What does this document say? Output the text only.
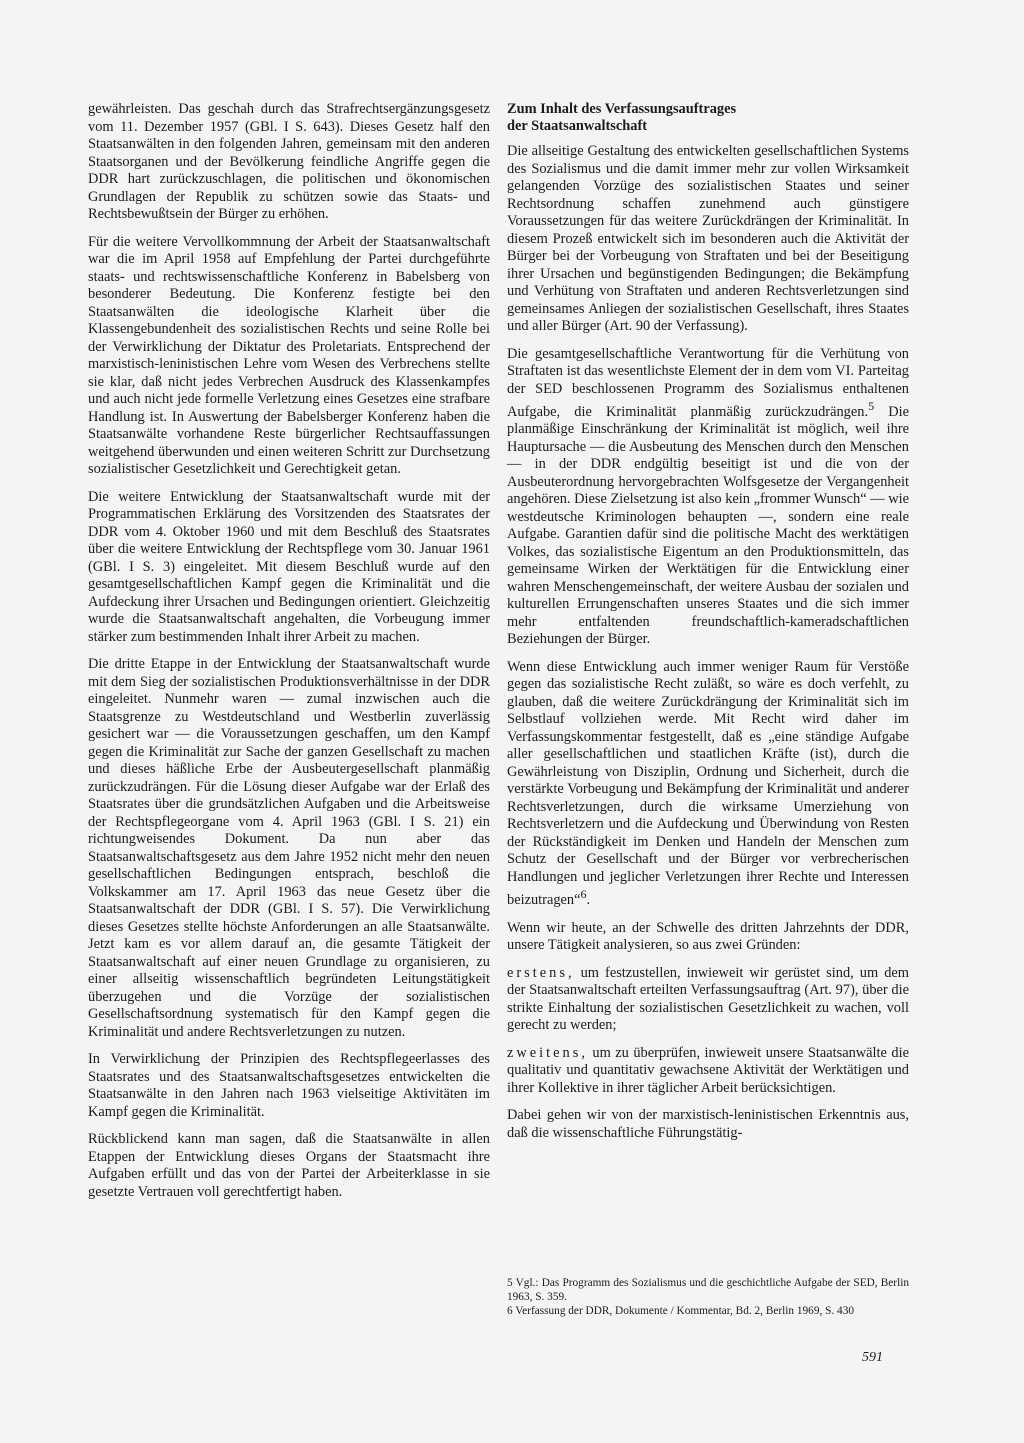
gewährleisten. Das geschah durch das Strafrechtsergänzungsgesetz vom 11. Dezember 1957 (GBl. I S. 643). Dieses Gesetz half den Staatsanwälten in den folgenden Jahren, gemeinsam mit den anderen Staatsorganen und der Bevölkerung feindliche Angriffe gegen die DDR hart zurückzuschlagen, die politischen und ökonomischen Grundlagen der Republik zu schützen sowie das Staats- und Rechtsbewußtsein der Bürger zu erhöhen.

Für die weitere Vervollkommnung der Arbeit der Staatsanwaltschaft war die im April 1958 auf Empfehlung der Partei durchgeführte staats- und rechtswissenschaftliche Konferenz in Babelsberg von besonderer Bedeutung. Die Konferenz festigte bei den Staatsanwälten die ideologische Klarheit über die Klassengebundenheit des sozialistischen Rechts und seine Rolle bei der Verwirklichung der Diktatur des Proletariats. Entsprechend der marxistisch-leninistischen Lehre vom Wesen des Verbrechens stellte sie klar, daß nicht jedes Verbrechen Ausdruck des Klassenkampfes und auch nicht jede formelle Verletzung eines Gesetzes eine strafbare Handlung ist. In Auswertung der Babelsberger Konferenz haben die Staatsanwälte vorhandene Reste bürgerlicher Rechtsauffassungen weitgehend überwunden und einen weiteren Schritt zur Durchsetzung sozialistischer Gesetzlichkeit und Gerechtigkeit getan.

Die weitere Entwicklung der Staatsanwaltschaft wurde mit der Programmatischen Erklärung des Vorsitzenden des Staatsrates der DDR vom 4. Oktober 1960 und mit dem Beschluß des Staatsrates über die weitere Entwicklung der Rechtspflege vom 30. Januar 1961 (GBl. I S. 3) eingeleitet. Mit diesem Beschluß wurde auf den gesamtgesellschaftlichen Kampf gegen die Kriminalität und die Aufdeckung ihrer Ursachen und Bedingungen orientiert. Gleichzeitig wurde die Staatsanwaltschaft angehalten, die Vorbeugung immer stärker zum bestimmenden Inhalt ihrer Arbeit zu machen.

Die dritte Etappe in der Entwicklung der Staatsanwaltschaft wurde mit dem Sieg der sozialistischen Produktionsverhältnisse in der DDR eingeleitet. Nunmehr waren — zumal inzwischen auch die Staatsgrenze zu Westdeutschland und Westberlin zuverlässig gesichert war — die Voraussetzungen geschaffen, um den Kampf gegen die Kriminalität zur Sache der ganzen Gesellschaft zu machen und dieses häßliche Erbe der Ausbeutergesellschaft planmäßig zurückzudrängen. Für die Lösung dieser Aufgabe war der Erlaß des Staatsrates über die grundsätzlichen Aufgaben und die Arbeitsweise der Rechtspflegeorgane vom 4. April 1963 (GBl. I S. 21) ein richtungweisendes Dokument. Da nun aber das Staatsanwaltschaftsgesetz aus dem Jahre 1952 nicht mehr den neuen gesellschaftlichen Bedingungen entsprach, beschloß die Volkskammer am 17. April 1963 das neue Gesetz über die Staatsanwaltschaft der DDR (GBl. I S. 57). Die Verwirklichung dieses Gesetzes stellte höchste Anforderungen an alle Staatsanwälte. Jetzt kam es vor allem darauf an, die gesamte Tätigkeit der Staatsanwaltschaft auf einer neuen Grundlage zu organisieren, zu einer allseitig wissenschaftlich begründeten Leitungstätigkeit überzugehen und die Vorzüge der sozialistischen Gesellschaftsordnung systematisch für den Kampf gegen die Kriminalität und andere Rechtsverletzungen zu nutzen.

In Verwirklichung der Prinzipien des Rechtspflegeerlasses des Staatsrates und des Staatsanwaltschaftsgesetzes entwickelten die Staatsanwälte in den Jahren nach 1963 vielseitige Aktivitäten im Kampf gegen die Kriminalität.

Rückblickend kann man sagen, daß die Staatsanwälte in allen Etappen der Entwicklung dieses Organs der Staatsmacht ihre Aufgaben erfüllt und das von der Partei der Arbeiterklasse in sie gesetzte Vertrauen voll gerechtfertigt haben.

Zum Inhalt des Verfassungsauftrages
der Staatsanwaltschaft

Die allseitige Gestaltung des entwickelten gesellschaftlichen Systems des Sozialismus und die damit immer mehr zur vollen Wirksamkeit gelangenden Vorzüge des sozialistischen Staates und seiner Rechtsordnung schaffen zunehmend auch günstigere Voraussetzungen für das weitere Zurückdrängen der Kriminalität. In diesem Prozeß entwickelt sich im besonderen auch die Aktivität der Bürger bei der Vorbeugung von Straftaten und bei der Beseitigung ihrer Ursachen und begünstigenden Bedingungen; die Bekämpfung und Verhütung von Straftaten und anderen Rechtsverletzungen sind gemeinsames Anliegen der sozialistischen Gesellschaft, ihres Staates und aller Bürger (Art. 90 der Verfassung).

Die gesamtgesellschaftliche Verantwortung für die Verhütung von Straftaten ist das wesentlichste Element der in dem vom VI. Parteitag der SED beschlossenen Programm des Sozialismus enthaltenen Aufgabe, die Kriminalität planmäßig zurückzudrängen.$^5$ Die planmäßige Einschränkung der Kriminalität ist möglich, weil ihre Hauptursache — die Ausbeutung des Menschen durch den Menschen — in der DDR endgültig beseitigt ist und die von der Ausbeuterordnung hervorgebrachten Wolfsgesetze der Vergangenheit angehören. Diese Zielsetzung ist also kein „frommer Wunsch“ — wie westdeutsche Kriminologen behaupten —, sondern eine reale Aufgabe. Garantien dafür sind die politische Macht des werktätigen Volkes, das sozialistische Eigentum an den Produktionsmitteln, das gemeinsame Wirken der Werktätigen für die Entwicklung einer wahren Menschengemeinschaft, der weitere Ausbau der sozialen und kulturellen Errungenschaften unseres Staates und die sich immer mehr entfaltenden freundschaftlich-kameradschaftlichen Beziehungen der Bürger.

Wenn diese Entwicklung auch immer weniger Raum für Verstöße gegen das sozialistische Recht zuläßt, so wäre es doch verfehlt, zu glauben, daß die weitere Zurückdrängung der Kriminalität sich im Selbstlauf vollziehen werde. Mit Recht wird daher im Verfassungskommentar festgestellt, daß es „eine ständige Aufgabe aller gesellschaftlichen und staatlichen Kräfte (ist), durch die Gewährleistung von Disziplin, Ordnung und Sicherheit, durch die verstärkte Vorbeugung und Bekämpfung der Kriminalität und anderer Rechtsverletzungen, durch die wirksame Umerziehung von Rechtsverletzern und die Aufdeckung und Überwindung von Resten der Rückständigkeit im Denken und Handeln der Menschen zum Schutz der Gesellschaft und der Bürger vor verbrecherischen Handlungen und jeglicher Verletzungen ihrer Rechte und Interessen beizutragen“$^6$.

Wenn wir heute, an der Schwelle des dritten Jahrzehnts der DDR, unsere Tätigkeit analysieren, so aus zwei Gründen:

erstens, um festzustellen, inwieweit wir gerüstet sind, um dem der Staatsanwaltschaft erteilten Verfassungsauftrag (Art. 97), über die strikte Einhaltung der sozialistischen Gesetzlichkeit zu wachen, voll gerecht zu werden;

zweitens, um zu überprüfen, inwieweit unsere Staatsanwälte die qualitativ und quantitativ gewachsene Aktivität der Werktätigen und ihrer Kollektive in ihrer täglicher Arbeit berücksichtigen.

Dabei gehen wir von der marxistisch-leninistischen Erkenntnis aus, daß die wissenschaftliche Führungstätig-

5 Vgl.: Das Programm des Sozialismus und die geschichtliche Aufgabe der SED, Berlin 1963, S. 359.

6 Verfassung der DDR, Dokumente / Kommentar, Bd. 2, Berlin 1969, S. 430

591
